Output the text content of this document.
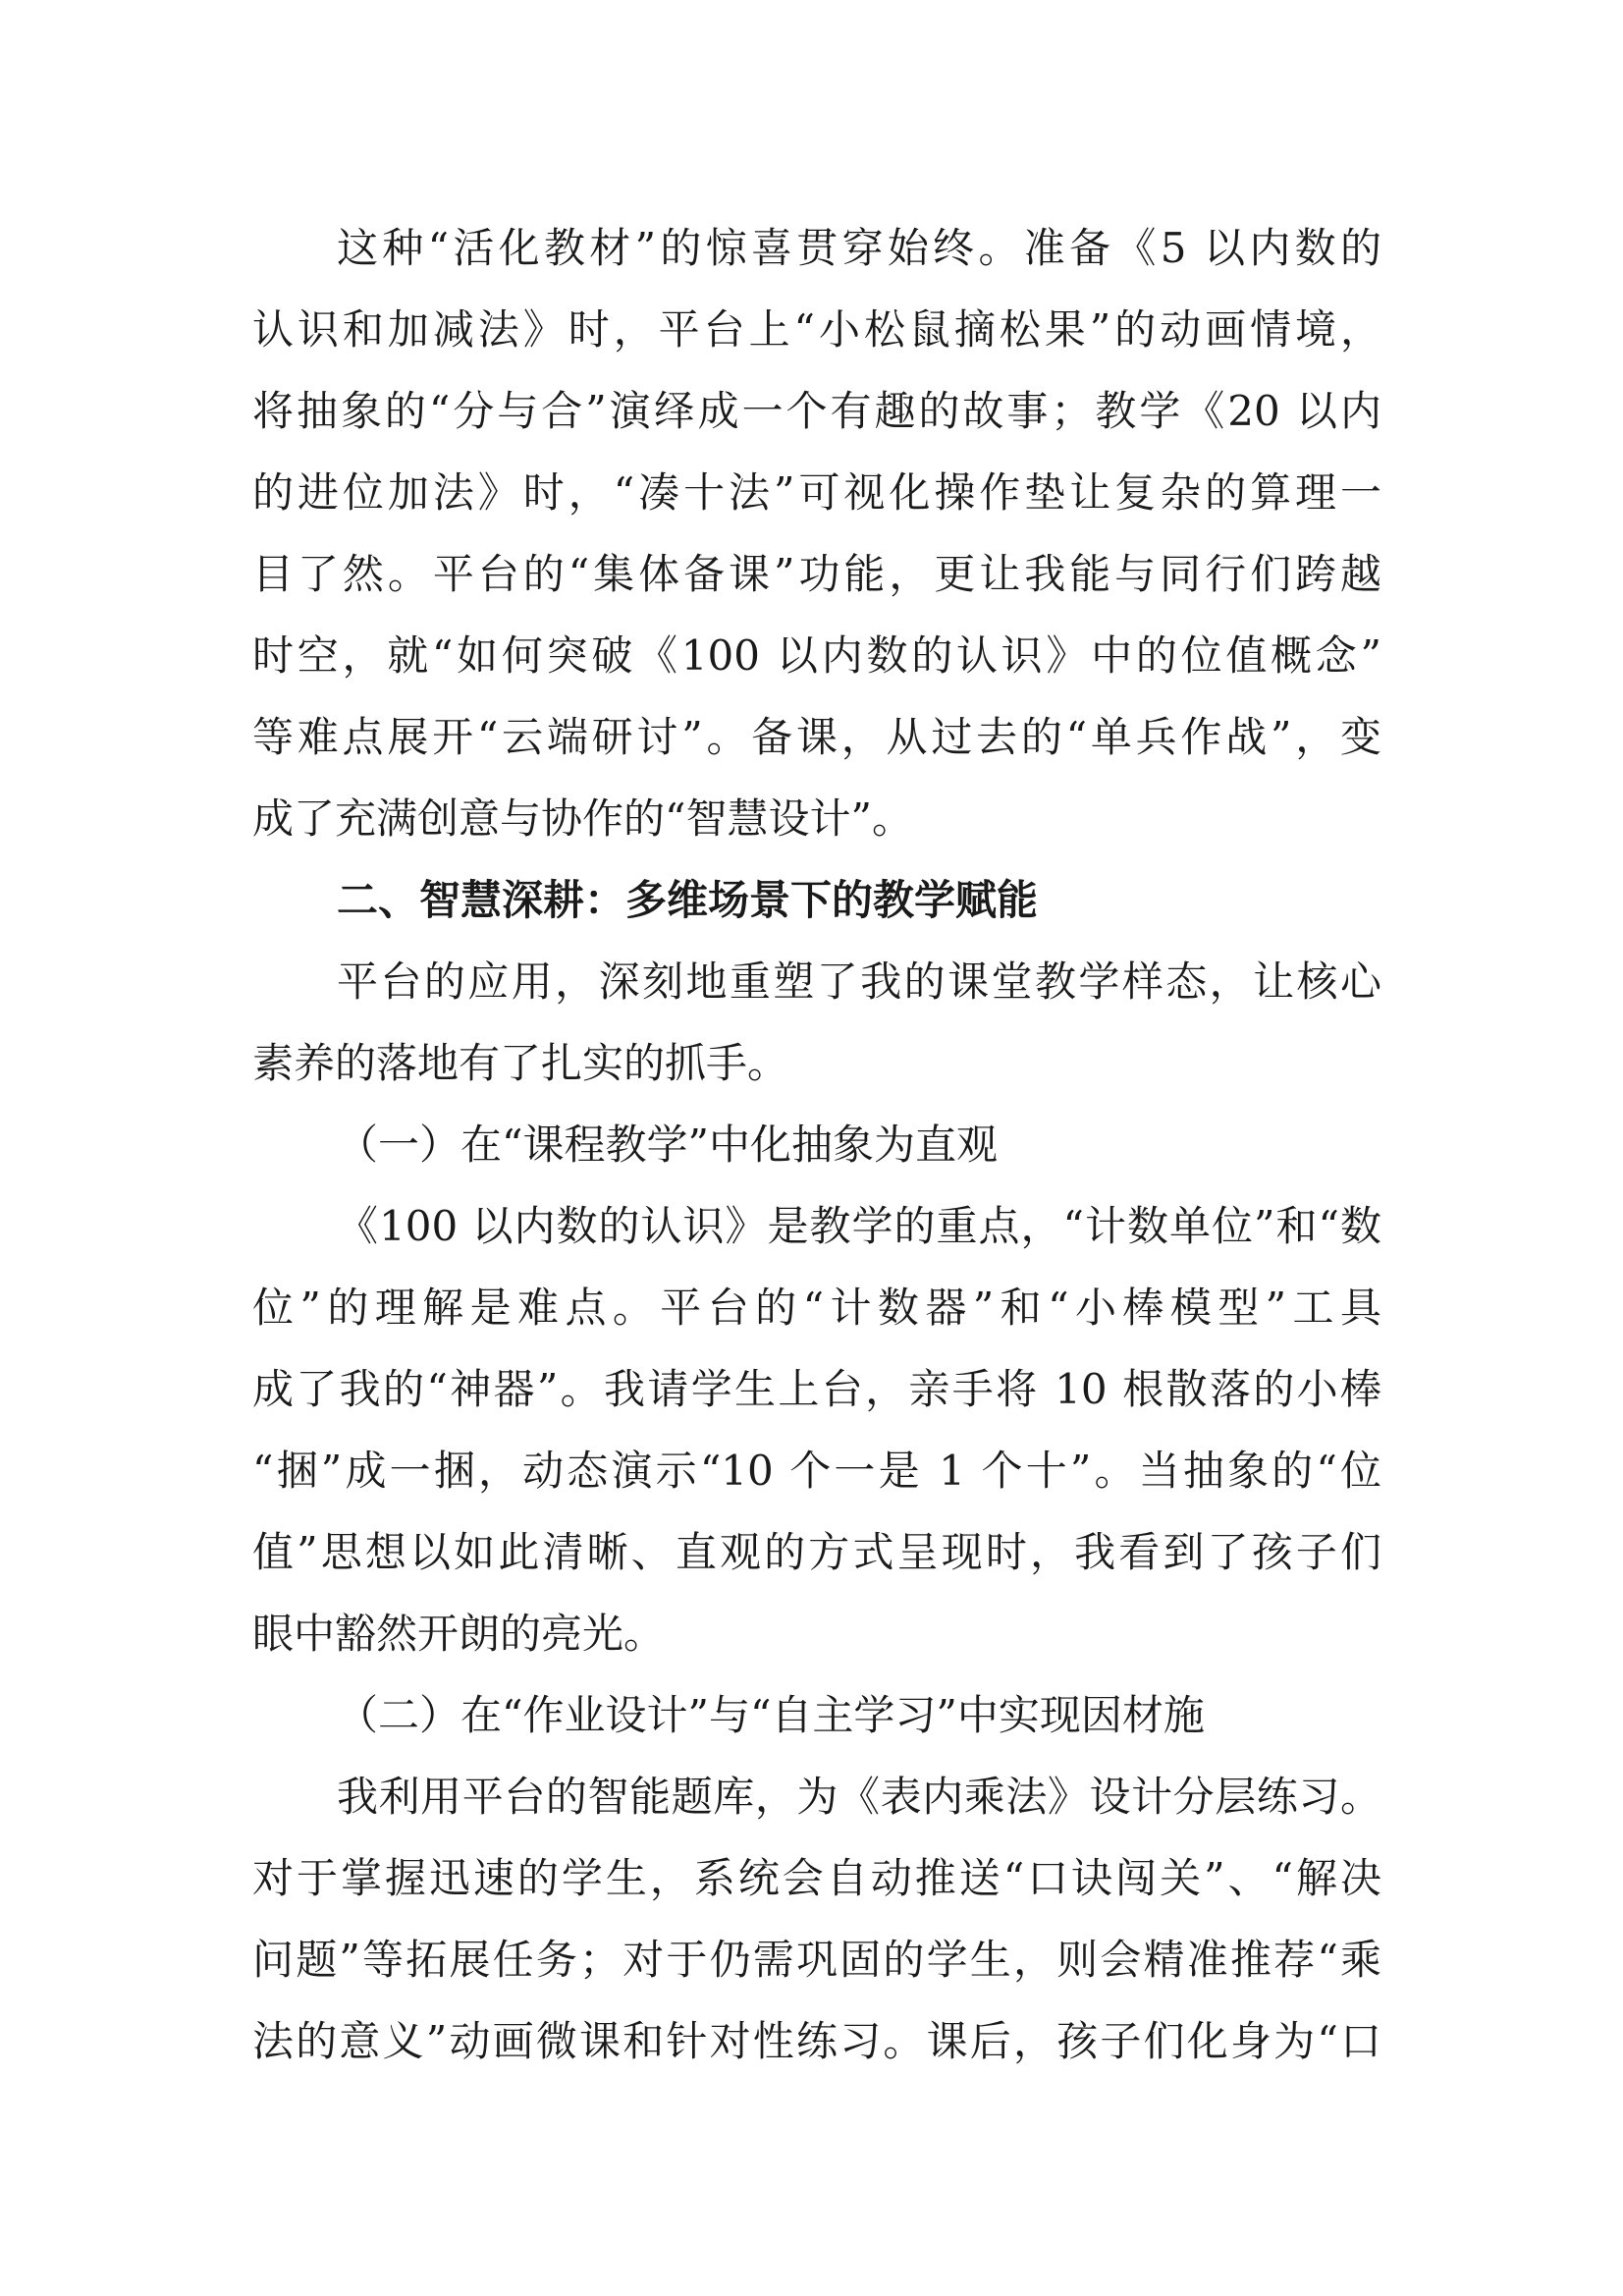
这种“活化教材”的惊喜贯穿始终。准备《5 以内数的
认识和加减法》时，平台上“小松鼠摘松果”的动画情境，
将抽象的“分与合”演绎成一个有趣的故事；教学《20 以内
的进位加法》时，“凑十法”可视化操作垫让复杂的算理一
目了然。平台的“集体备课”功能，更让我能与同行们跨越
时空，就“如何突破《100 以内数的认识》中的位值概念”
等难点展开“云端研讨”。备课，从过去的“单兵作战”，变
成了充满创意与协作的“智慧设计”。
二、智慧深耕：多维场景下的教学赋能
平台的应用，深刻地重塑了我的课堂教学样态，让核心
素养的落地有了扎实的抓手。
（一）在“课程教学”中化抽象为直观
《100 以内数的认识》是教学的重点，“计数单位”和“数
位”的理解是难点。平台的“计数器”和“小棒模型”工具
成了我的“神器”。我请学生上台，亲手将 10 根散落的小棒
“捆”成一捆，动态演示“10 个一是 1 个十”。当抽象的“位
值”思想以如此清晰、直观的方式呈现时，我看到了孩子们
眼中豁然开朗的亮光。
（二）在“作业设计”与“自主学习”中实现因材施
我利用平台的智能题库，为《表内乘法》设计分层练习。
对于掌握迅速的学生，系统会自动推送“口诀闯关”、“解决
问题”等拓展任务；对于仍需巩固的学生，则会精准推荐“乘
法的意义”动画微课和针对性练习。课后，孩子们化身为“口
